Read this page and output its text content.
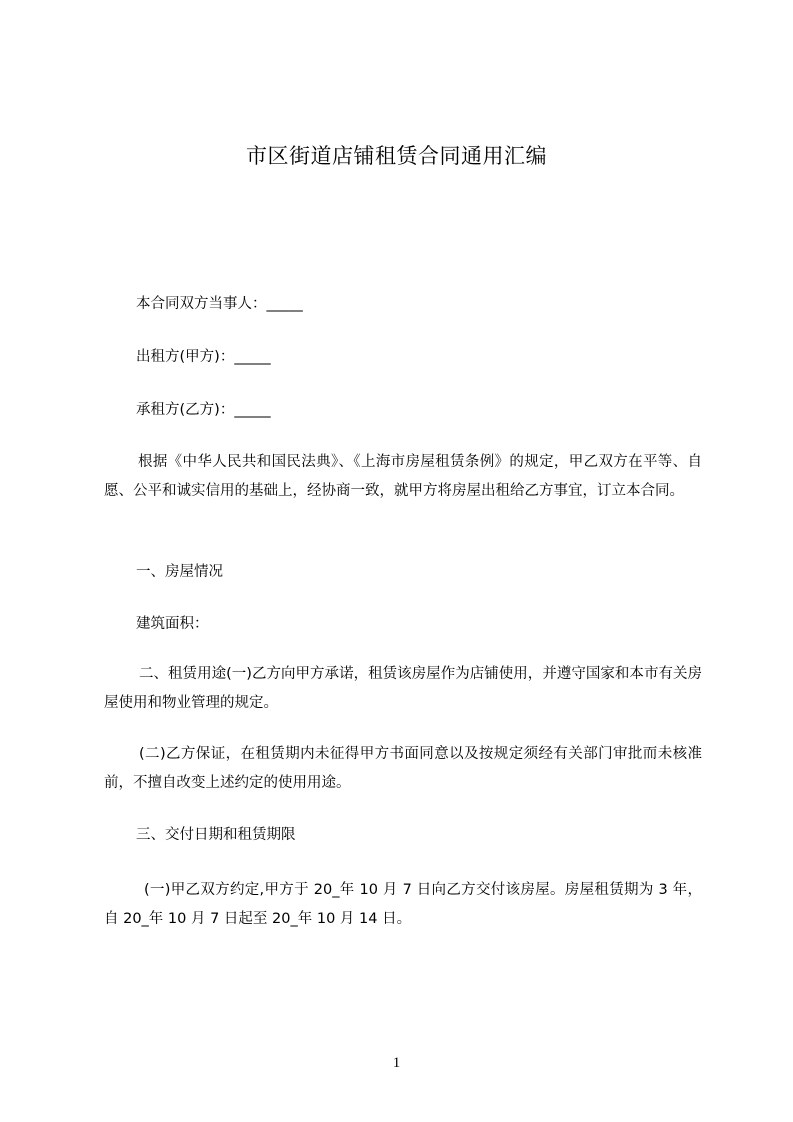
市区街道店铺租赁合同通用汇编
本合同双方当事人：_____
出租方(甲方)：_____
承租方(乙方)：_____
根据《中华人民共和国民法典》、《上海市房屋租赁条例》的规定，甲乙双方在平等、自愿、公平和诚实信用的基础上，经协商一致，就甲方将房屋出租给乙方事宜，订立本合同。
一、房屋情况
建筑面积：
二、租赁用途(一)乙方向甲方承诺，租赁该房屋作为店铺使用，并遵守国家和本市有关房屋使用和物业管理的规定。
(二)乙方保证，在租赁期内未征得甲方书面同意以及按规定须经有关部门审批而未核准前，不擅自改变上述约定的使用用途。
三、交付日期和租赁期限
(一)甲乙双方约定,甲方于 20_年 10 月 7 日向乙方交付该房屋。房屋租赁期为 3 年，自 20_年 10 月 7 日起至 20_年 10 月 14 日。
1
